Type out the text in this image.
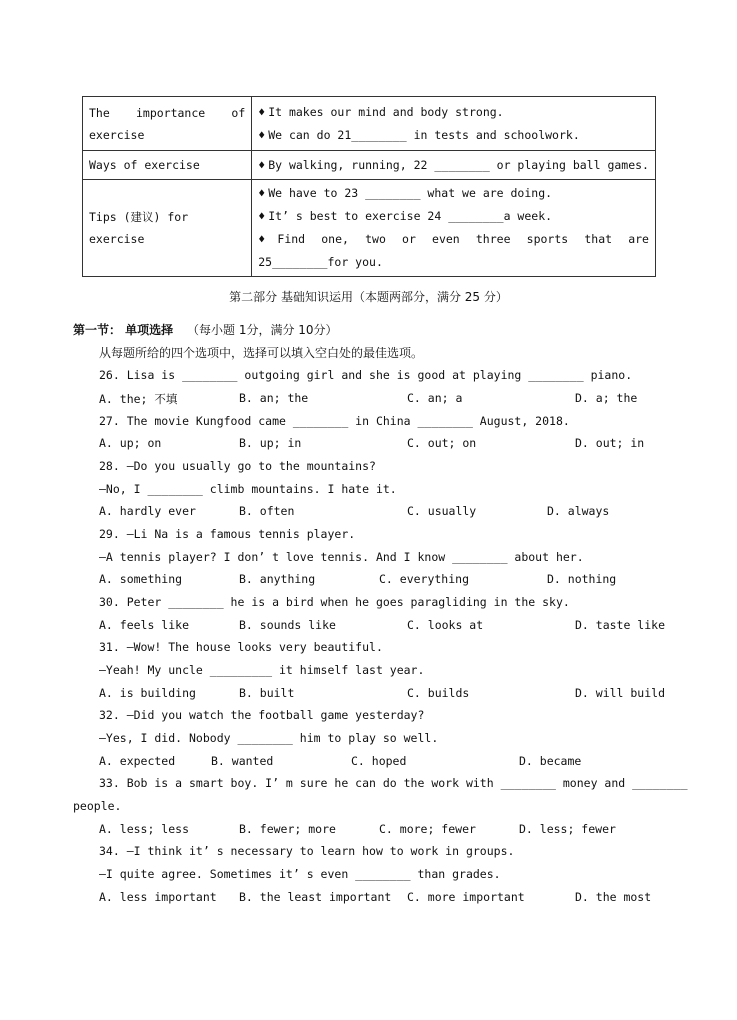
The importance of exercise	♦ It makes our mind and body strong.
♦ We can do 21________ in tests and schoolwork.

Ways of exercise	♦ By walking, running, 22 ________ or playing ball games.

Tips (建议) for exercise	♦ We have to 23 ________ what we are doing.
♦ It’ s best to exercise 24 ________a week.
♦ Find one, two or even three sports that are 25________for you.
第二部分 基础知识运用（本题两部分，满分 25 分）
第一节： 单项选择 （每小题 1分，满分 10分）
从每题所给的四个选项中，选择可以填入空白处的最佳选项。
26. Lisa is ________ outgoing girl and she is good at playing ________ piano.
A. the; 不填	B. an; the	C. an; a	D. a; the
27. The movie Kungfood came ________ in China ________ August, 2018.
A. up; on	B. up; in	C. out; on	D. out; in
28. —Do you usually go to the mountains?
—No, I ________ climb mountains. I hate it.
A. hardly ever	B. often	C. usually	D. always
29. —Li Na is a famous tennis player.
—A tennis player? I don’ t love tennis. And I know ________ about her.
A. something	B. anything	C. everything	D. nothing
30. Peter ________ he is a bird when he goes paragliding in the sky.
A. feels like	B. sounds like	C. looks at	D. taste like
31. —Wow! The house looks very beautiful.
—Yeah! My uncle _________ it himself last year.
A. is building	B. built	C. builds	D. will build
32. —Did you watch the football game yesterday?
—Yes, I did. Nobody ________ him to play so well.
A. expected	B. wanted	C. hoped	D. became
33. Bob is a smart boy. I’ m sure he can do the work with ________ money and ________
people.
A. less; less	B. fewer; more	C. more; fewer	D. less; fewer
34. —I think it’ s necessary to learn how to work in groups.
—I quite agree. Sometimes it’ s even ________ than grades.
A. less important B. the least important C. more important	D. the most
